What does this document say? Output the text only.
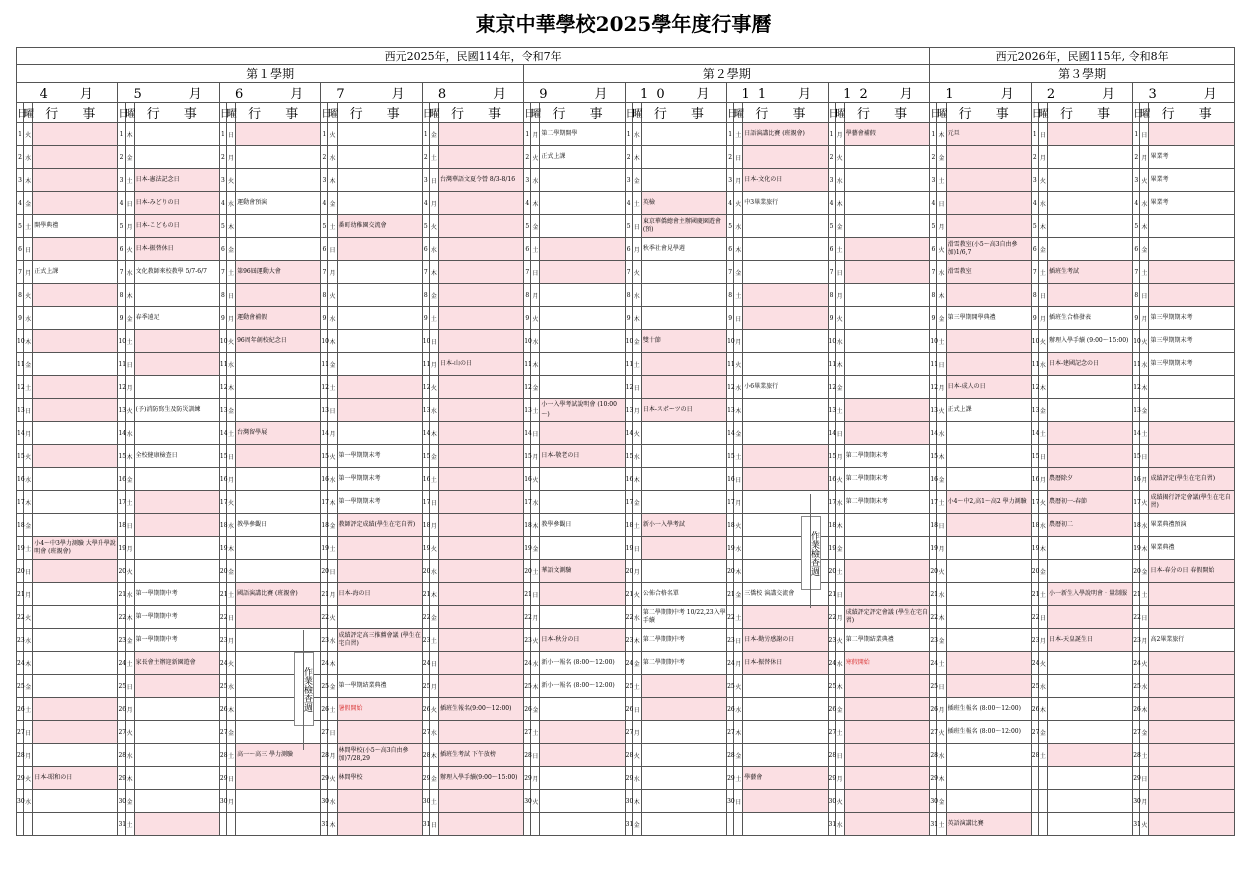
東京中華學校2025學年度行事曆
西元2025年，民國114年，令和7年																											西元2026年，民國115年, 令和8年								
第１學期															第２學期												第３學期								
4　　月			5　　　月			6　　　月			7　　　月			8　　　月			9　　　月			1 0　　月			1 1　　月			1 2　　月			1　　　月			2　　　月			3　　　月		
日	曜	行 事	日	曜	行 事	日	曜	行 事	日	曜	行 事	日	曜	行 事	日	曜	行 事	日	曜	行 事	日	曜	行 事	日	曜	行 事	日	曜	行 事	日	曜	行 事	日	曜	行 事
1	火		1	木		1	日		1	火		1	金		1	月	第二學期開學	1	水		1	土	日語演講比賽 (班親會)	1	月	學藝會補假	1	木	元旦	1	日		1	日	
2	水		2	金		2	月		2	水		2	土		2	火	正式上課	2	木		2	日		2	火		2	金		2	月		2	月	畢業考
3	木		3	土	日本-憲法記念日	3	火		3	木		3	日	台灣華語文夏令營 8/3-8/16	3	水		3	金		3	月	日本-文化の日	3	水		3	土		3	火		3	火	畢業考
4	金		4	日	日本-みどりの日	4	水	運動會預演	4	金		4	月		4	木		4	土	英檢	4	火	中3畢業旅行	4	木		4	日		4	水		4	水	畢業考
5	土	開學典禮	5	月	日本-こどもの日	5	木		5	土	番町幼稚園交流會	5	火		5	金		5	日	東京華僑總會主辦國慶園遊會(預)	5	水		5	金		5	月		5	木		5	木	
6	日		6	火	日本-振替休日	6	金		6	日		6	水		6	土		6	月	秋季社會見學週	6	木		6	土		6	火	滑雪教室(小5～高3自由參加)1/6,7	6	金		6	金	
7	月	正式上課	7	水	文化教師來校教學 5/7-6/7	7	土	第96屆運動大會	7	月		7	木		7	日		7	火		7	金		7	日		7	水	滑雪教室	7	土	插班生考試	7	土	
8	火		8	木		8	日		8	火		8	金		8	月		8	水		8	土		8	月		8	木		8	日		8	日	
9	水		9	金	春季遠足	9	月	運動會補假	9	水		9	土		9	火		9	木		9	日		9	火		9	金	第三學期開學典禮	9	月	插班生合格發表	9	月	第三學期期末考
10	木		10	土		10	火	96周年創校紀念日	10	木		10	日		10	水		10	金	雙十節	10	月		10	水		10	土		10	火	辦理入學手續 (9:00～15:00)	10	火	第三學期期末考
11	金		11	日		11	水		11	金		11	月	日本-山の日	11	木		11	土		11	火		11	木		11	日		11	水	日本-建國記念の日	11	水	第三學期期末考
12	土		12	月		12	木		12	土		12	火		12	金		12	日		12	水	小6畢業旅行	12	金		12	月	日本-成人の日	12	木		12	木	
13	日		13	火	(予)消防寫生及防災訓練	13	金		13	日		13	水		13	土	小一入學考試說明會 (10:00～)	13	月	日本-スポーツの日	13	木		13	土		13	火	正式上課	13	金		13	金	
14	月		14	水		14	土	台灣留學展	14	月		14	木		14	日		14	火		14	金		14	日		14	水		14	土		14	土	
15	火		15	木	全校健康檢查日	15	日		15	火	第一學期期末考	15	金		15	月	日本-敬老の日	15	水		15	土		15	月	第二學期期末考	15	木		15	日		15	日	
16	水		16	金		16	月		16	水	第一學期期末考	16	土		16	火		16	木		16	日		16	火	第二學期期末考	16	金		16	月	農曆除夕	16	月	成績評定(學生在宅自習)
17	木		17	土		17	火		17	木	第一學期期末考	17	日		17	水		17	金		17	月		17	水	第二學期期末考	17	土	小4～中2,高1～高2 學力測驗	17	火	農曆初一-春節	17	火	成績揭行評定會議(學生在宅自習)
18	金		18	日		18	水	教學參觀日	18	金	教師評定成績(學生在宅自習)	18	月		18	木	教學參觀日	18	土	新小一入學考試	18	火		18	木		18	日		18	水	農曆初二	18	水	畢業典禮預演
19	土	小4～中3學力測驗 大學升學說明會 (班親會)	19	月		19	木		19	土		19	火		19	金		19	日		19	水		19	金		19	月		19	木		19	木	畢業典禮
20	日		20	火		20	金		20	日		20	水		20	土	華語文測驗	20	月		20	木		20	土		20	火		20	金		20	金	日本-春分の日 春假開始
21	月		21	水	第一學期期中考	21	土	國語演講比賽 (班親會)	21	月	日本-海の日	21	木		21	日		21	火	公佈合格名單	21	金	三僑校 演講交流會	21	日		21	水		21	土	小一新生入學說明會‧量制服	21	土	
22	火		22	木	第一學期期中考	22	日		22	火		22	金		22	月		22	水	第二學期期中考 10/22,23入學手續	22	土		22	月	成績評定評定會議 (學生在宅自習)	22	木		22	日		22	日	
23	水		23	金	第一學期期中考	23	月		23	水	成績評定高三推薦會議 (學生在宅自習)	23	土		23	火	日本-秋分の日	23	木	第二學期期中考	23	日	日本-勤労感謝の日	23	火	第二學期結業典禮	23	金		23	月	日本-天皇誕生日	23	月	高2畢業旅行
24	木		24	土	家長會主辦迎新園遊會	24	火		24	木		24	日		24	水	新小一報名 (8:00～12:00)	24	金	第二學期期中考	24	月	日本-振替休日	24	水	寒假開始	24	土		24	火		24	火	
25	金		25	日		25	水		25	金	第一學期結業典禮	25	月		25	木	新小一報名 (8:00～12:00)	25	土		25	火		25	木		25	日		25	水		25	水	
26	土		26	月		26	木		26	土	暑假開始	26	火	插班生報名(9:00～12:00)	26	金		26	日		26	水		26	金		26	月	插班生報名 (8:00～12:00)	26	木		26	木	
27	日		27	火		27	金		27	日		27	水		27	土		27	月		27	木		27	土		27	火	插班生報名 (8:00～12:00)	27	金		27	金	
28	月		28	水		28	土	高一～高三 學力測驗	28	月	林間學校(小5～高3自由參加)7/28,29	28	木	插班生考試 下午放榜	28	日		28	火		28	金		28	日		28	水		28	土		28	土	
29	火	日本-昭和の日	29	木		29	日		29	火	林間學校	29	金	辦理入學手續(9:00～15:00)	29	月		29	水		29	土	學藝會	29	月		29	木					29	日	
30	水		30	金		30	月		30	水		30	土		30	火		30	木		30	日		30	火		30	金					30	月	
			31	土					31	木		31	日					31	金					31	水		31	土	英語演講比賽				31	火	
作業檢查週
作業檢查週
